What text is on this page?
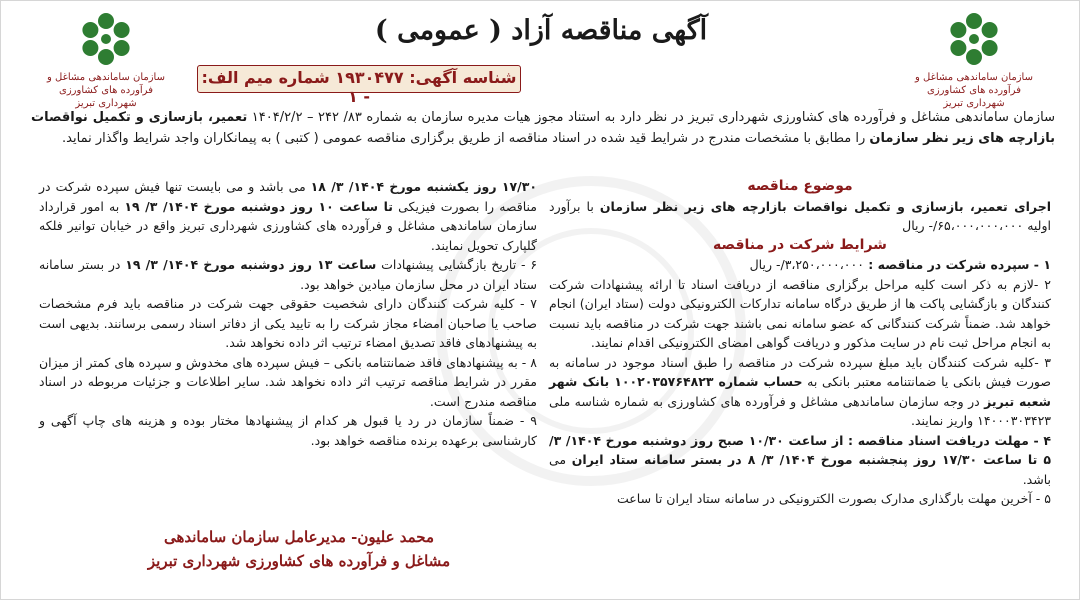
سازمان ساماندهی مشاغل و فرآورده های کشاورزی
شهرداری تبریز
سازمان ساماندهی مشاغل و فرآورده های کشاورزی
شهرداری تبریز
آگهی مناقصه آزاد ( عمومی )
شناسه آگهی: ۱۹۳۰۴۷۷ شماره میم الف: - ۱
سازمان ساماندهی مشاغل و فرآورده های کشاورزی شهرداری تبریز در نظر دارد به استناد مجوز هیات مدیره سازمان به شماره ۸۳/ ۲۴۲ – ۱۴۰۴/۲/۲ تعمیر، بازسازی و تکمیل نواقصات بازارچه های زیر نظر سازمان را مطابق با مشخصات مندرج در شرایط قید شده در اسناد مناقصه از طریق برگزاری مناقصه عمومی ( کتبی ) به پیمانکاران واجد شرایط واگذار نماید.
موضوع مناقصه

اجرای تعمیر، بازسازی و تکمیل نواقصات بازارچه های زیر نظر سازمان با برآورد اولیه ۶۵،۰۰۰،۰۰۰،۰۰۰/- ریال

شرایط شرکت در مناقصه

۱ - سپرده شرکت در مناقصه : ۳،۲۵۰،۰۰۰،۰۰۰/- ریال

۲ -لازم به ذکر است کلیه مراحل برگزاری مناقصه از دریافت اسناد تا ارائه پیشنهادات شرکت کنندگان و بازگشایی پاکت ها از طریق درگاه سامانه تدارکات الکترونیکی دولت (ستاد ایران) انجام خواهد شد. ضمناً شرکت کنندگانی که عضو سامانه نمی باشند جهت شرکت در مناقصه باید نسبت به انجام مراحل ثبت نام در سایت مذکور و دریافت گواهی امضای الکترونیکی اقدام نمایند.

۳ -کلیه شرکت کنندگان باید مبلغ سپرده شرکت در مناقصه را طبق اسناد موجود در سامانه به صورت فیش بانکی یا ضمانتنامه معتبر بانکی به حساب شماره ۱۰۰۲۰۳۵۷۶۴۸۲۳ بانک شهر شعبه تبریز در وجه سازمان ساماندهی مشاغل و فرآورده های کشاورزی به شماره شناسه ملی ۱۴۰۰۰۳۰۳۴۲۳ واریز نمایند.

۴ - مهلت دریافت اسناد مناقصه : از ساعت ۱۰/۳۰ صبح روز دوشنبه مورخ ۱۴۰۴/ ۳/ ۵ تا ساعت ۱۷/۳۰ روز پنجشنبه مورخ ۱۴۰۴/ ۳/ ۸ در بستر سامانه ستاد ایران می باشد.

۵ - آخرین مهلت بارگذاری مدارک بصورت الکترونیکی در سامانه ستاد ایران تا ساعت

۱۷/۳۰ روز یکشنبه مورخ ۱۴۰۴/ ۳/ ۱۸ می باشد و می بایست تنها فیش سپرده شرکت در مناقصه را بصورت فیزیکی تا ساعت ۱۰ روز دوشنبه مورخ ۱۴۰۴/ ۳/ ۱۹ به امور قرارداد سازمان ساماندهی مشاغل و فرآورده های کشاورزی شهرداری تبریز واقع در خیابان توانیر فلکه گلپارک تحویل نمایند.

۶ - تاریخ بازگشایی پیشنهادات ساعت ۱۳ روز دوشنبه مورخ ۱۴۰۴/ ۳/ ۱۹ در بستر سامانه ستاد ایران در محل سازمان میادین خواهد بود.

۷ - کلیه شرکت کنندگان دارای شخصیت حقوقی جهت شرکت در مناقصه باید فرم مشخصات صاحب یا صاحبان امضاء مجاز شرکت را به تایید یکی از دفاتر اسناد رسمی برسانند. بدیهی است به پیشنهادهای فاقد تصدیق امضاء ترتیب اثر داده نخواهد شد.

۸ - به پیشنهادهای فاقد ضمانتنامه بانکی – فیش سپرده های مخدوش و سپرده های کمتر از میزان مقرر در شرایط مناقصه ترتیب اثر داده نخواهد شد. سایر اطلاعات و جزئیات مربوطه در اسناد مناقصه مندرج است.

۹ - ضمناً سازمان در رد یا قبول هر کدام از پیشنهادها مختار بوده و هزینه های چاپ آگهی و کارشناسی برعهده برنده مناقصه خواهد بود.

محمد علیون- مدیرعامل سازمان ساماندهی
مشاغل و فرآورده های کشاورزی شهرداری تبریز
